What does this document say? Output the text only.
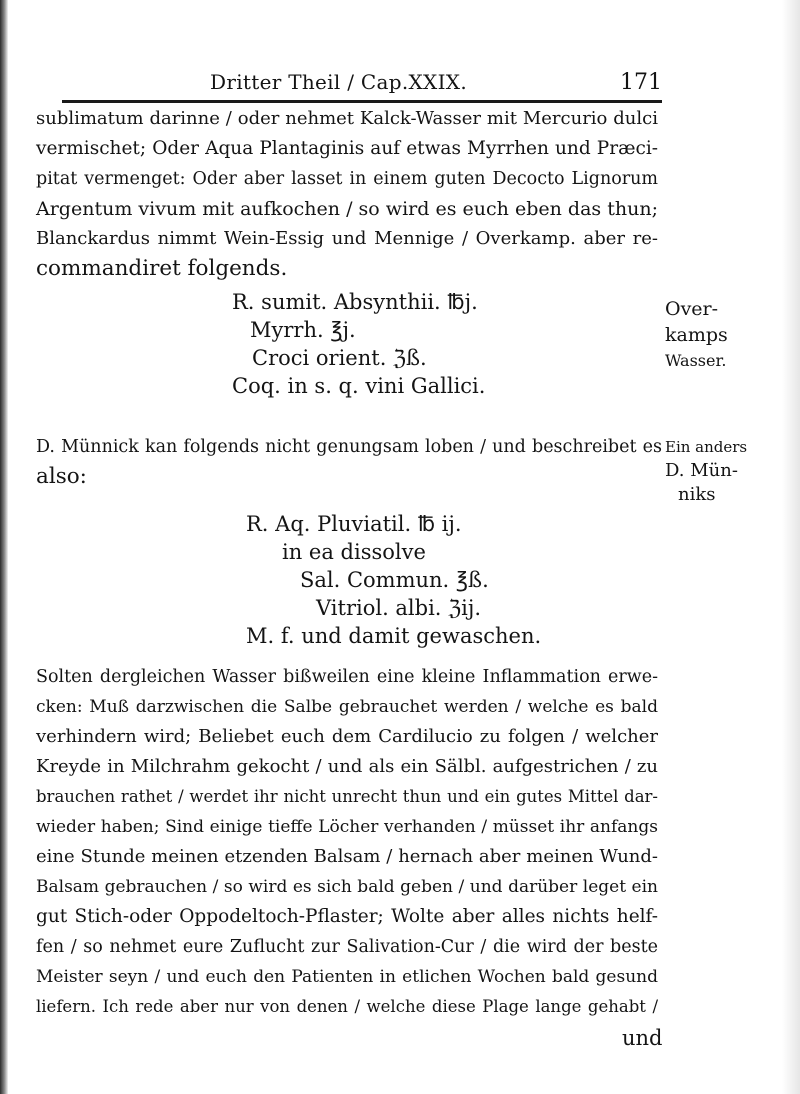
Dritter Theil / Cap.XXIX.	171
sublimatum darinne / oder nehmet Kalck-Wasser mit Mercurio dulci
vermischet; Oder Aqua Plantaginis auf etwas Myrrhen und Præci-
pitat vermenget: Oder aber lasset in einem guten Decocto Lignorum
Argentum vivum mit aufkochen / so wird es euch eben das thun;
Blanckardus nimmt Wein-Essig und Mennige / Overkamp. aber re-
commandiret folgends.
R. sumit. Absynthii. ℔j.
Myrrh. ℥j.
Croci orient. ℨß.
Coq. in s. q. vini Gallici.
Over-
kamps
Wasser.
D. Münnick kan folgends nicht genungsam loben / und beschreibet es
also:
Ein anders
D. Mün-
niks
R. Aq. Pluviatil. ℔ ij.
in ea dissolve
Sal. Commun. ℥ß.
Vitriol. albi. ℨij.
M. f. und damit gewaschen.
Solten dergleichen Wasser bißweilen eine kleine Inflammation erwe-
cken: Muß darzwischen die Salbe gebrauchet werden / welche es bald
verhindern wird; Beliebet euch dem Cardilucio zu folgen / welcher
Kreyde in Milchrahm gekocht / und als ein Sälbl. aufgestrichen / zu
brauchen rathet / werdet ihr nicht unrecht thun und ein gutes Mittel dar-
wieder haben; Sind einige tieffe Löcher verhanden / müsset ihr anfangs
eine Stunde meinen etzenden Balsam / hernach aber meinen Wund-
Balsam gebrauchen / so wird es sich bald geben / und darüber leget ein
gut Stich-oder Oppodeltoch-Pflaster; Wolte aber alles nichts helf-
fen / so nehmet eure Zuflucht zur Salivation-Cur / die wird der beste
Meister seyn / und euch den Patienten in etlichen Wochen bald gesund
liefern. Ich rede aber nur von denen / welche diese Plage lange gehabt /
und
